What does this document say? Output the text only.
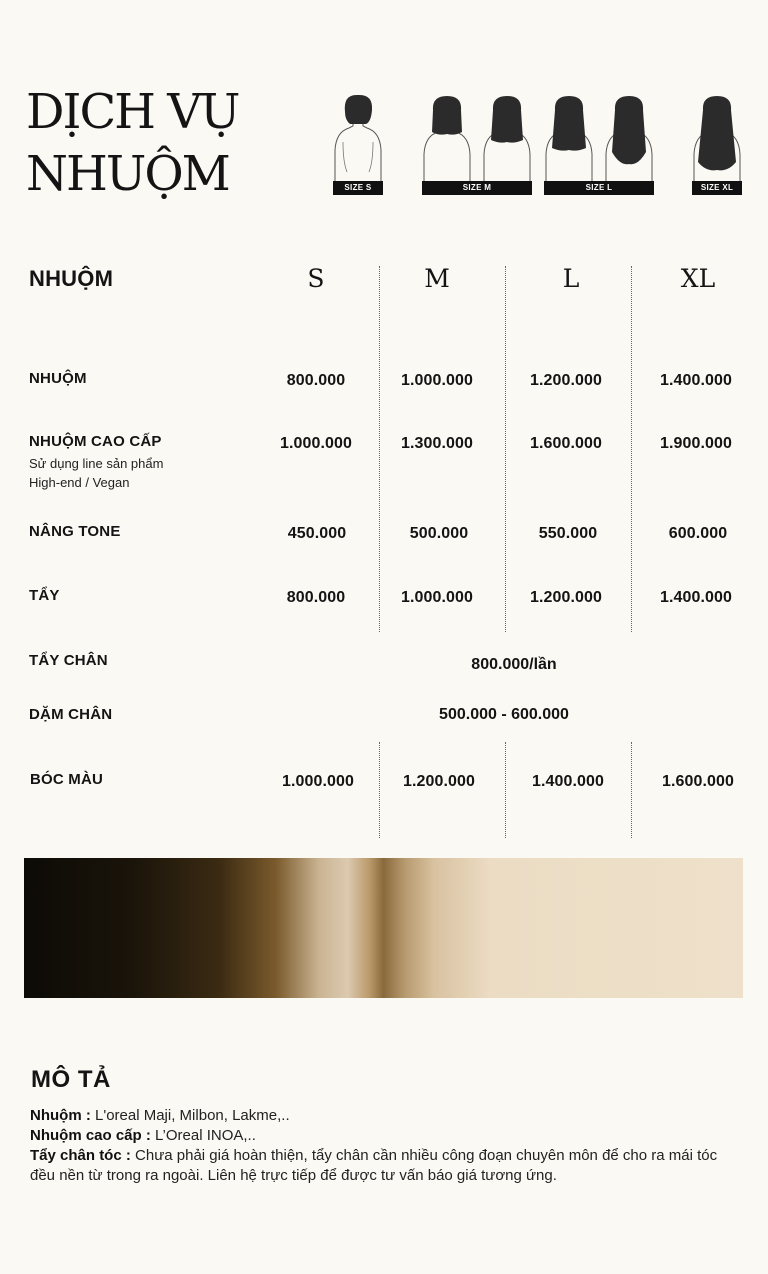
DỊCH VỤ
NHUỘM	SIZE S	SIZE M	SIZE L	SIZE XL
NHUỘM	S	M	L	XL
NHUỘM	800.000	1.000.000	1.200.000	1.400.000
NHUỘM CAO CẤP
Sử dụng line sản phẩm
High-end / Vegan
1.000.000	1.300.000	1.600.000	1.900.000
NÂNG TONE	450.000	500.000	550.000	600.000
TẨY	800.000	1.000.000	1.200.000	1.400.000
TẨY CHÂN	800.000/lần
DẶM CHÂN	500.000 - 600.000
BÓC MÀU	1.000.000	1.200.000	1.400.000	1.600.000
MÔ TẢ
Nhuộm : L'oreal Maji, Milbon, Lakme,..
Nhuộm cao cấp : L’Oreal INOA,..
Tẩy chân tóc : Chưa phải giá hoàn thiện, tẩy chân cần nhiều công đoạn chuyên môn để cho ra mái tóc đều nền từ trong ra ngoài. Liên hệ trực tiếp để được tư vấn báo giá tương ứng.
